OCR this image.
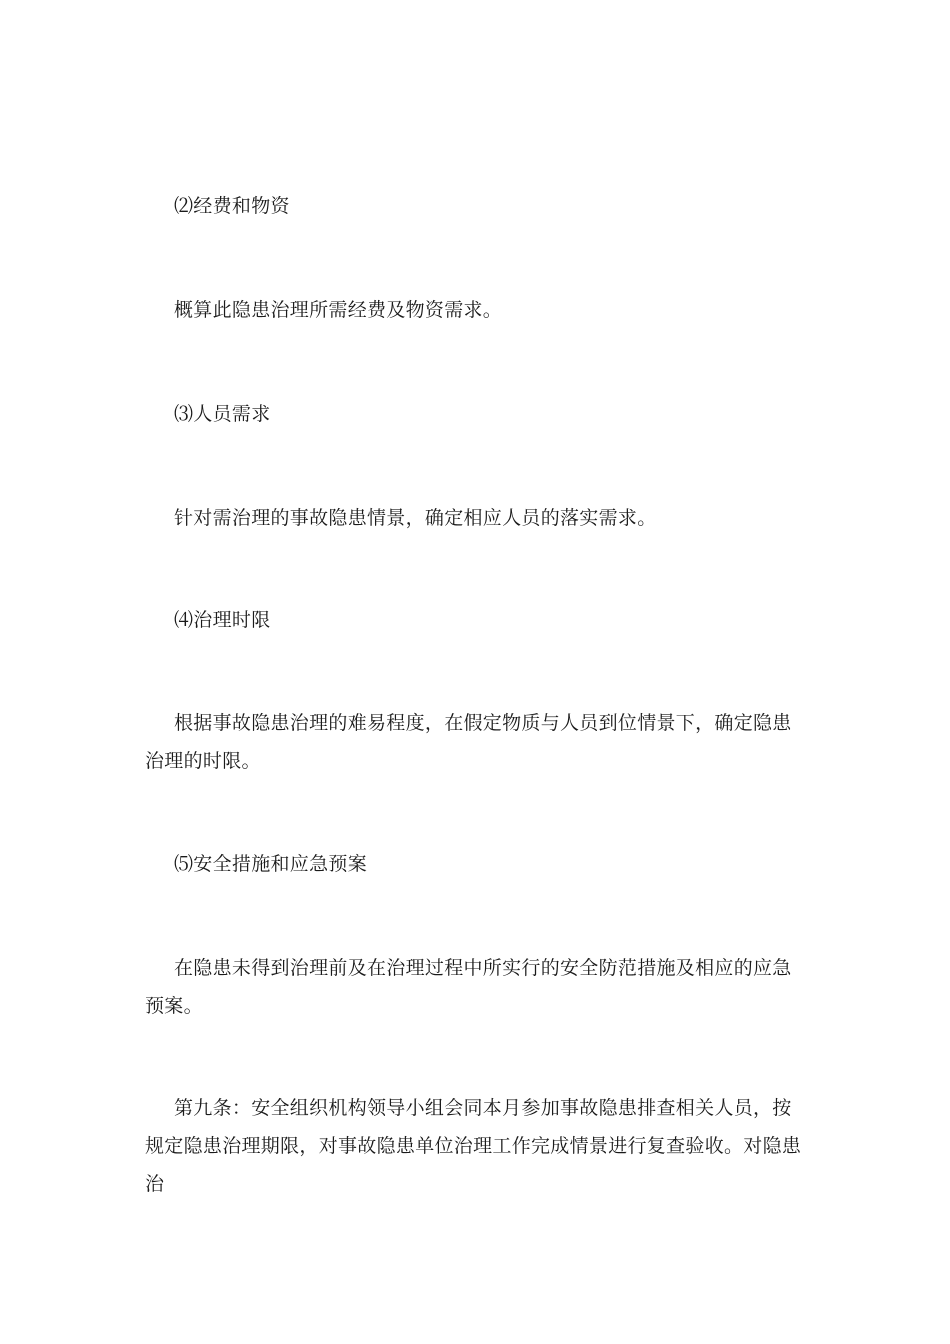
⑵经费和物资

概算此隐患治理所需经费及物资需求。

⑶人员需求

针对需治理的事故隐患情景，确定相应人员的落实需求。

⑷治理时限

根据事故隐患治理的难易程度，在假定物质与人员到位情景下，确定隐患治理的时限。

⑸安全措施和应急预案

在隐患未得到治理前及在治理过程中所实行的安全防范措施及相应的应急预案。

第九条：安全组织机构领导小组会同本月参加事故隐患排查相关人员，按规定隐患治理期限，对事故隐患单位治理工作完成情景进行复查验收。对隐患治
